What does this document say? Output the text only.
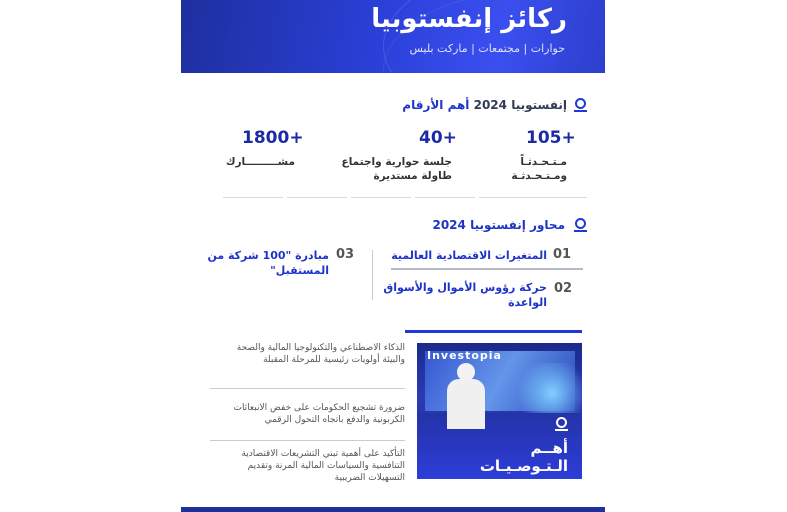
ركائز إنفستوبيا
حوارات | مجتمعات | ماركت بليس
إنفستوبيا 2024 أهم الأرقام
105+
مـتـحـدثـاً
ومـتـحـدثـة
40+
جلسة حوارية واجتماع
طاولة مستديرة
1800+
مشـــــــــارك
محاور إنفستوبيا 2024
01
المتغيرات الاقتصادية العالمية
02
حركة رؤوس الأموال والأسواق
الواعدة
03
مبادرة "100 شركة من
المستقبل"
Investopia
أهــم
الـتـوصـيـات
الذكاء الاصطناعي والتكنولوجيا المالية والصحة
والبيئة أولويات رئيسية للمرحلة المقبلة
ضرورة تشجيع الحكومات على خفض الانبعاثات
الكربونية والدفع باتجاه التحول الرقمي
التأكيد على أهمية تبني التشريعات الاقتصادية
التنافسية والسياسات المالية المرنة وتقديم
التسهيلات الضريبية
